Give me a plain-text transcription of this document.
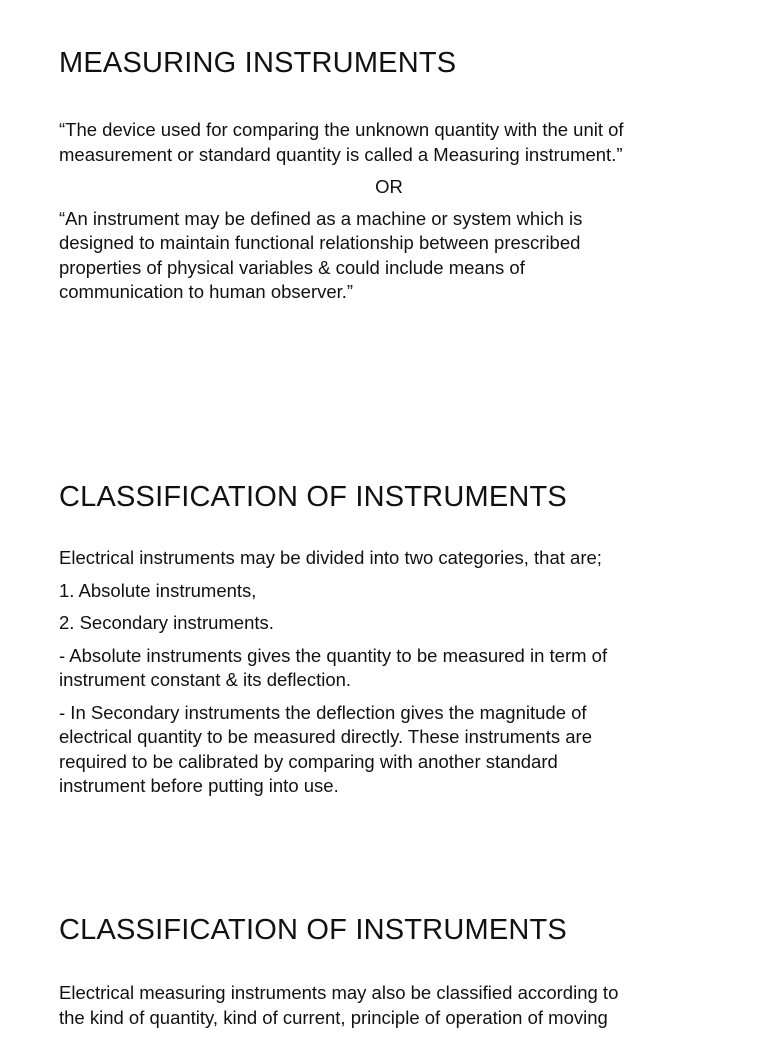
MEASURING INSTRUMENTS

“The device used for comparing the unknown quantity with the unit of
measurement or standard quantity is called a Measuring instrument.”

OR

“An instrument may be defined as a machine or system which is
designed to maintain functional relationship between prescribed
properties of physical variables & could include means of
communication to human observer.”

CLASSIFICATION OF INSTRUMENTS

Electrical instruments may be divided into two categories, that are;

1. Absolute instruments,

2. Secondary instruments.

- Absolute instruments gives the quantity to be measured in term of
instrument constant & its deflection.

- In Secondary instruments the deflection gives the magnitude of
electrical quantity to be measured directly. These instruments are
required to be calibrated by comparing with another standard
instrument before putting into use.

CLASSIFICATION OF INSTRUMENTS

Electrical measuring instruments may also be classified according to
the kind of quantity, kind of current, principle of operation of moving
